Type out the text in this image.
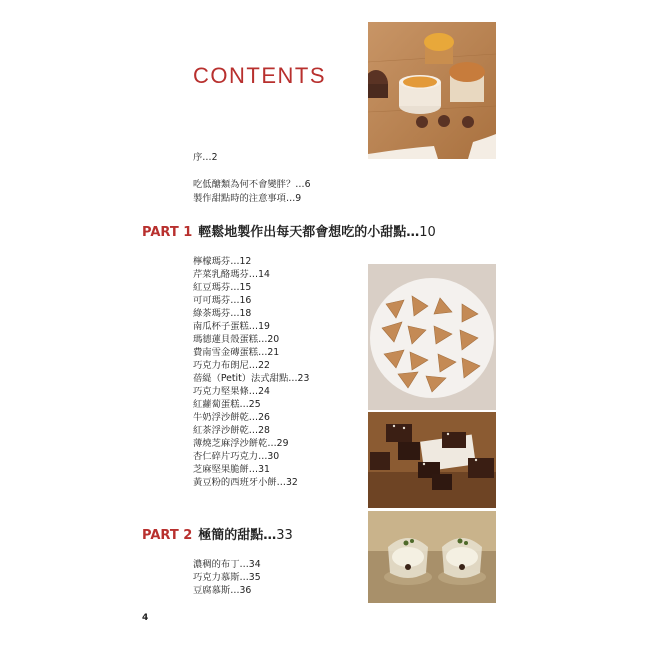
CONTENTS
序…2
吃低醣類為何不會變胖？…6
製作甜點時的注意事項…9
PART 1 輕鬆地製作出每天都會想吃的小甜點…10
檸檬瑪芬…12
芹菜乳酪瑪芬…14
紅豆瑪芬…15
可可瑪芬…16
綠茶瑪芬…18
南瓜杯子蛋糕…19
瑪德蓮貝殼蛋糕…20
費南雪金磚蛋糕…21
巧克力布朗尼…22
蓓緹（Petit）法式甜點…23
巧克力堅果條…24
紅蘿蔔蛋糕…25
牛奶浮沙餅乾…26
紅茶浮沙餅乾…28
薄燒芝麻浮沙餅乾…29
杏仁碎片巧克力…30
芝麻堅果脆餅…31
黃豆粉的西班牙小餅…32
PART 2 極簡的甜點…33
濃稠的布丁…34
巧克力慕斯…35
豆腐慕斯…36
4
